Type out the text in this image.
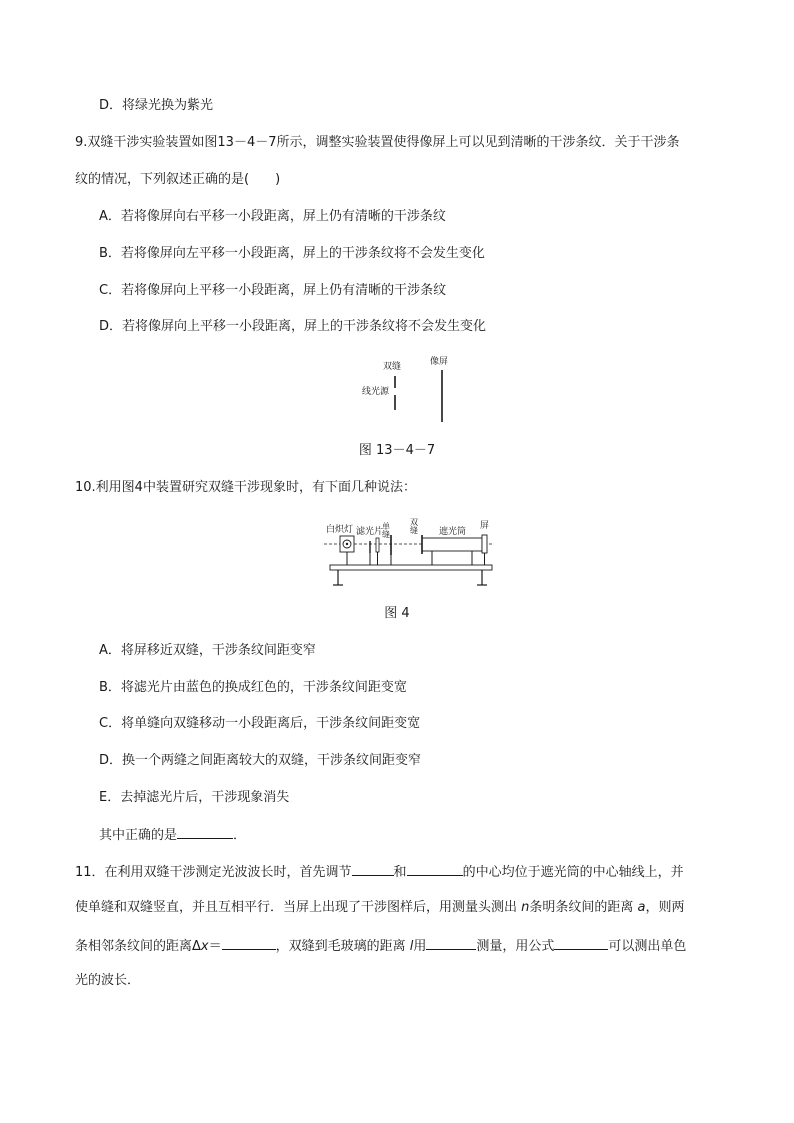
D．将绿光换为紫光
9.双缝干涉实验装置如图13－4－7所示，调整实验装置使得像屏上可以见到清晰的干涉条纹．关于干涉条
纹的情况，下列叙述正确的是(　　)
A．若将像屏向右平移一小段距离，屏上仍有清晰的干涉条纹
B．若将像屏向左平移一小段距离，屏上的干涉条纹将不会发生变化
C．若将像屏向上平移一小段距离，屏上仍有清晰的干涉条纹
D．若将像屏向上平移一小段距离，屏上的干涉条纹将不会发生变化
双缝
线光源
像屏
图 13－4－7
10.利用图4中装置研究双缝干涉现象时，有下面几种说法：
白炽灯 滤光片
单缝 双缝 遮光筒
屏
图 4
A．将屏移近双缝，干涉条纹间距变窄
B．将滤光片由蓝色的换成红色的，干涉条纹间距变宽
C．将单缝向双缝移动一小段距离后，干涉条纹间距变宽
D．换一个两缝之间距离较大的双缝，干涉条纹间距变窄
E．去掉滤光片后，干涉现象消失
其中正确的是	．
11．在利用双缝干涉测定光波波长时，首先调节	和	的中心均位于遮光筒的中心轴线上，并
使单缝和双缝竖直，并且互相平行．当屏上出现了干涉图样后，用测量头测出 n条明条纹间的距离 a，则两
条相邻条纹间的距离Δx＝	，双缝到毛玻璃的距离 l用	测量，用公式	可以测出单色
光的波长．
